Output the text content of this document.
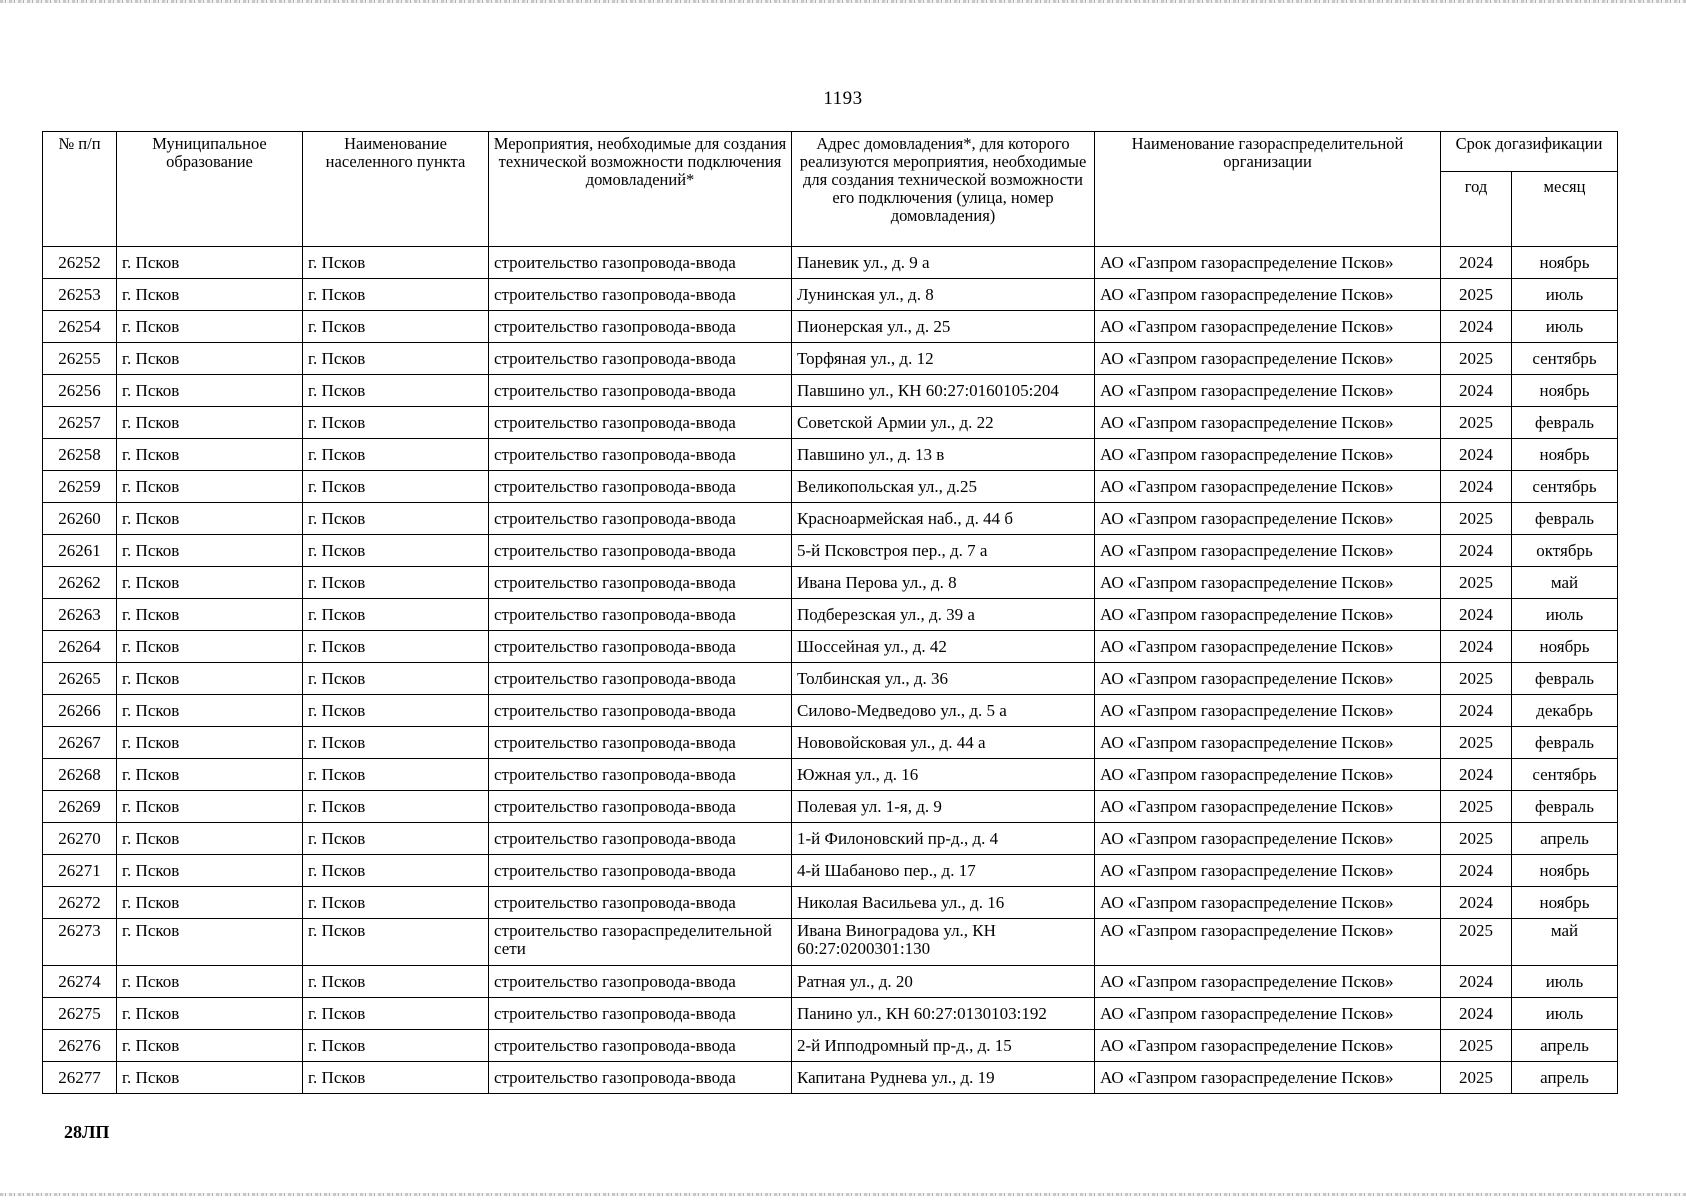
1193
№ п/п	Муниципальное образование	Наименование населенного пункта	Мероприятия, необходимые для создания технической возможности подключения домовладений*	Адрес домовладения*, для которого реализуются мероприятия, необходимые для создания технической возможности его подключения (улица, номер домовладения)	Наименование газораспределительной организации	Срок догазификации	
						год	месяц
26252	г. Псков	г. Псков	строительство газопровода-ввода	Паневик ул., д. 9 а	АО «Газпром газораспределение Псков»	2024	ноябрь
26253	г. Псков	г. Псков	строительство газопровода-ввода	Лунинская ул., д. 8	АО «Газпром газораспределение Псков»	2025	июль
26254	г. Псков	г. Псков	строительство газопровода-ввода	Пионерская ул., д. 25	АО «Газпром газораспределение Псков»	2024	июль
26255	г. Псков	г. Псков	строительство газопровода-ввода	Торфяная ул., д. 12	АО «Газпром газораспределение Псков»	2025	сентябрь
26256	г. Псков	г. Псков	строительство газопровода-ввода	Павшино ул., КН 60:27:0160105:204	АО «Газпром газораспределение Псков»	2024	ноябрь
26257	г. Псков	г. Псков	строительство газопровода-ввода	Советской Армии ул., д. 22	АО «Газпром газораспределение Псков»	2025	февраль
26258	г. Псков	г. Псков	строительство газопровода-ввода	Павшино ул., д. 13 в	АО «Газпром газораспределение Псков»	2024	ноябрь
26259	г. Псков	г. Псков	строительство газопровода-ввода	Великопольская ул., д.25	АО «Газпром газораспределение Псков»	2024	сентябрь
26260	г. Псков	г. Псков	строительство газопровода-ввода	Красноармейская наб., д. 44 б	АО «Газпром газораспределение Псков»	2025	февраль
26261	г. Псков	г. Псков	строительство газопровода-ввода	5-й Псковстроя пер., д. 7 а	АО «Газпром газораспределение Псков»	2024	октябрь
26262	г. Псков	г. Псков	строительство газопровода-ввода	Ивана Перова ул., д. 8	АО «Газпром газораспределение Псков»	2025	май
26263	г. Псков	г. Псков	строительство газопровода-ввода	Подберезская ул., д. 39 а	АО «Газпром газораспределение Псков»	2024	июль
26264	г. Псков	г. Псков	строительство газопровода-ввода	Шоссейная ул., д. 42	АО «Газпром газораспределение Псков»	2024	ноябрь
26265	г. Псков	г. Псков	строительство газопровода-ввода	Толбинская ул., д. 36	АО «Газпром газораспределение Псков»	2025	февраль
26266	г. Псков	г. Псков	строительство газопровода-ввода	Силово-Медведово ул., д. 5 а	АО «Газпром газораспределение Псков»	2024	декабрь
26267	г. Псков	г. Псков	строительство газопровода-ввода	Нововойсковая ул., д. 44 а	АО «Газпром газораспределение Псков»	2025	февраль
26268	г. Псков	г. Псков	строительство газопровода-ввода	Южная ул., д. 16	АО «Газпром газораспределение Псков»	2024	сентябрь
26269	г. Псков	г. Псков	строительство газопровода-ввода	Полевая ул. 1-я, д. 9	АО «Газпром газораспределение Псков»	2025	февраль
26270	г. Псков	г. Псков	строительство газопровода-ввода	1-й Филоновский пр-д., д. 4	АО «Газпром газораспределение Псков»	2025	апрель
26271	г. Псков	г. Псков	строительство газопровода-ввода	4-й Шабаново пер., д. 17	АО «Газпром газораспределение Псков»	2024	ноябрь
26272	г. Псков	г. Псков	строительство газопровода-ввода	Николая Васильева ул., д. 16	АО «Газпром газораспределение Псков»	2024	ноябрь
26273	г. Псков	г. Псков	строительство газораспределительной сети	Ивана Виноградова ул., КН 60:27:0200301:130	АО «Газпром газораспределение Псков»	2025	май
26274	г. Псков	г. Псков	строительство газопровода-ввода	Ратная ул., д. 20	АО «Газпром газораспределение Псков»	2024	июль
26275	г. Псков	г. Псков	строительство газопровода-ввода	Панино ул., КН 60:27:0130103:192	АО «Газпром газораспределение Псков»	2024	июль
26276	г. Псков	г. Псков	строительство газопровода-ввода	2-й Ипподромный пр-д., д. 15	АО «Газпром газораспределение Псков»	2025	апрель
26277	г. Псков	г. Псков	строительство газопровода-ввода	Капитана Руднева ул., д. 19	АО «Газпром газораспределение Псков»	2025	апрель
28ЛП
